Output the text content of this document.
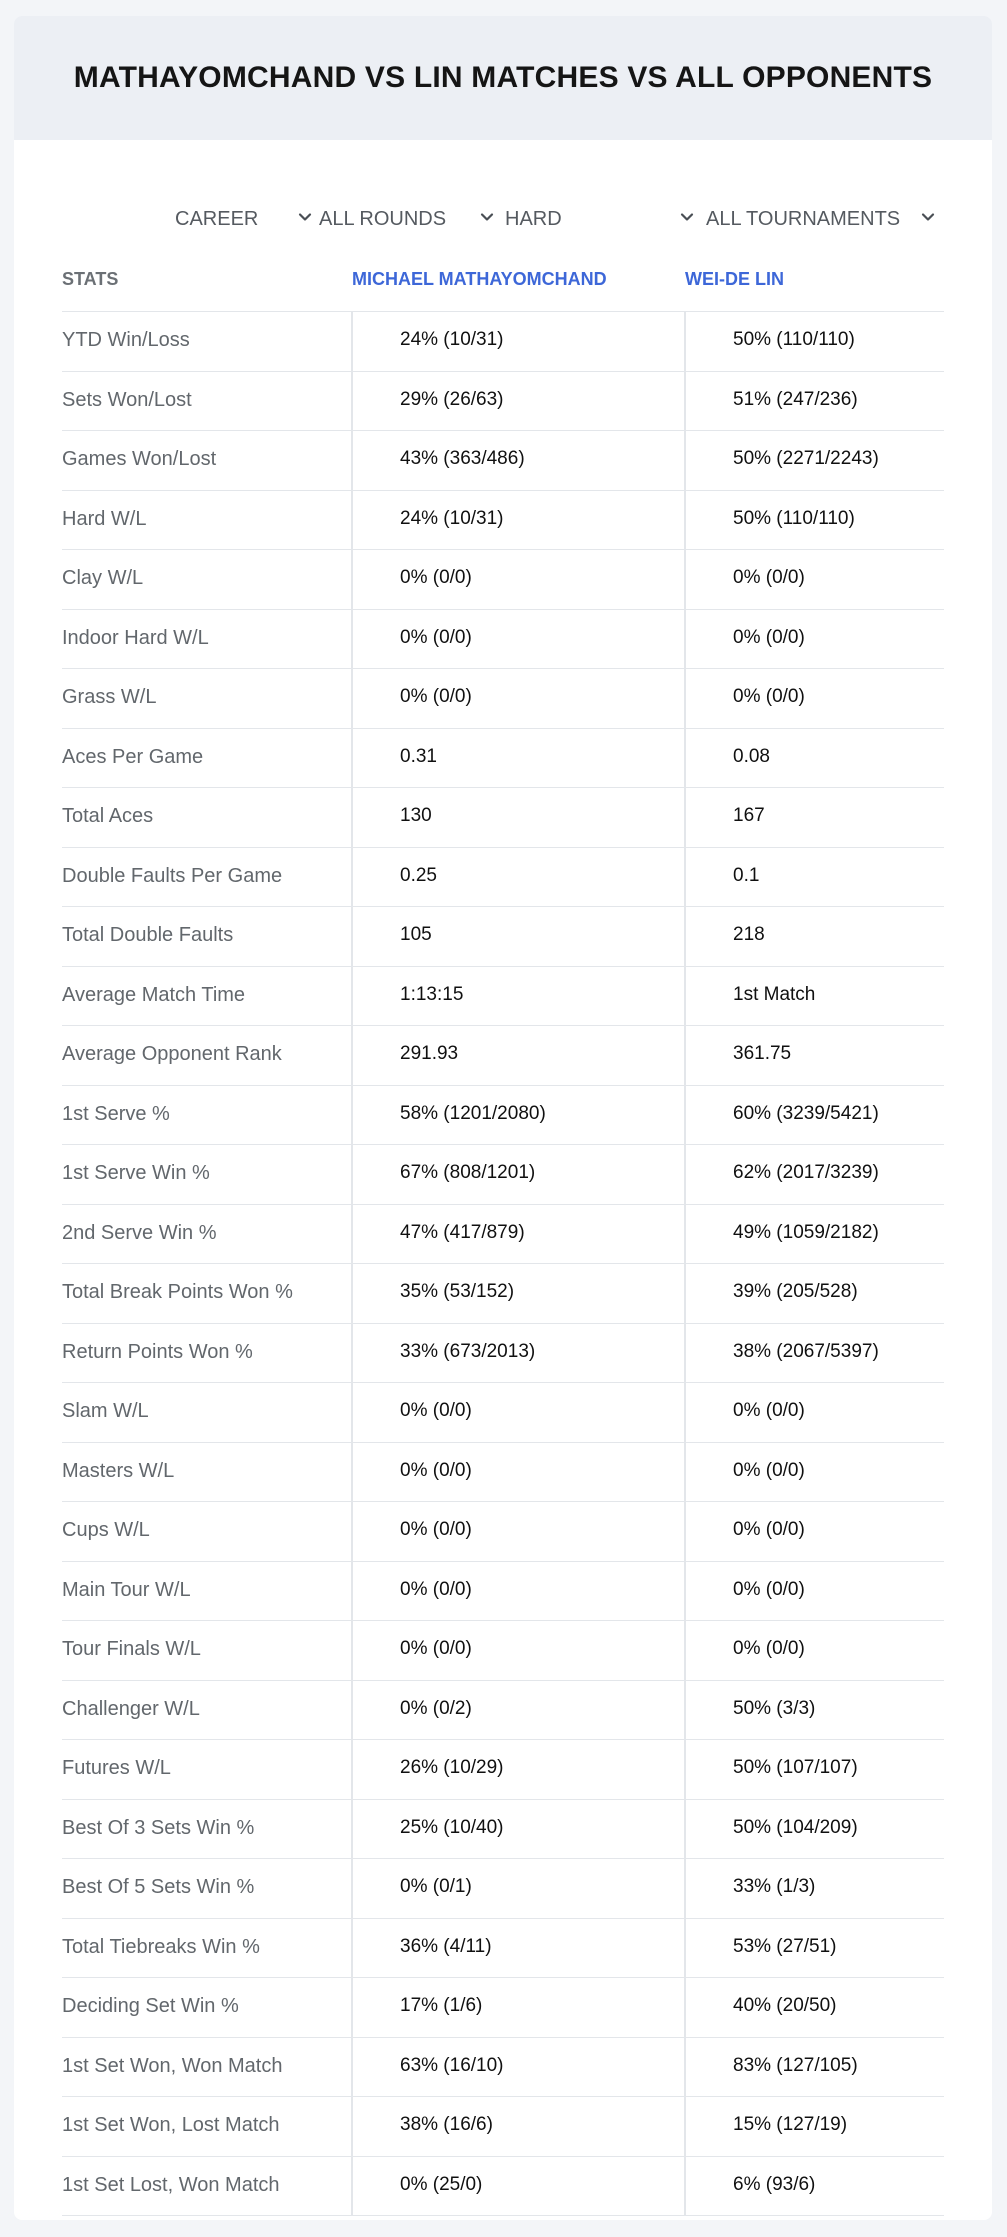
MATHAYOMCHAND VS LIN MATCHES VS ALL OPPONENTS
CAREER	ALL ROUNDS	HARD	ALL TOURNAMENTS
STATS	MICHAEL MATHAYOMCHAND	WEI-DE LIN
YTD Win/Loss	24% (10/31)	50% (110/110)
Sets Won/Lost	29% (26/63)	51% (247/236)
Games Won/Lost	43% (363/486)	50% (2271/2243)
Hard W/L	24% (10/31)	50% (110/110)
Clay W/L	0% (0/0)	0% (0/0)
Indoor Hard W/L	0% (0/0)	0% (0/0)
Grass W/L	0% (0/0)	0% (0/0)
Aces Per Game	0.31	0.08
Total Aces	130	167
Double Faults Per Game	0.25	0.1
Total Double Faults	105	218
Average Match Time	1:13:15	1st Match
Average Opponent Rank	291.93	361.75
1st Serve %	58% (1201/2080)	60% (3239/5421)
1st Serve Win %	67% (808/1201)	62% (2017/3239)
2nd Serve Win %	47% (417/879)	49% (1059/2182)
Total Break Points Won %	35% (53/152)	39% (205/528)
Return Points Won %	33% (673/2013)	38% (2067/5397)
Slam W/L	0% (0/0)	0% (0/0)
Masters W/L	0% (0/0)	0% (0/0)
Cups W/L	0% (0/0)	0% (0/0)
Main Tour W/L	0% (0/0)	0% (0/0)
Tour Finals W/L	0% (0/0)	0% (0/0)
Challenger W/L	0% (0/2)	50% (3/3)
Futures W/L	26% (10/29)	50% (107/107)
Best Of 3 Sets Win %	25% (10/40)	50% (104/209)
Best Of 5 Sets Win %	0% (0/1)	33% (1/3)
Total Tiebreaks Win %	36% (4/11)	53% (27/51)
Deciding Set Win %	17% (1/6)	40% (20/50)
1st Set Won, Won Match	63% (16/10)	83% (127/105)
1st Set Won, Lost Match	38% (16/6)	15% (127/19)
1st Set Lost, Won Match	0% (25/0)	6% (93/6)
